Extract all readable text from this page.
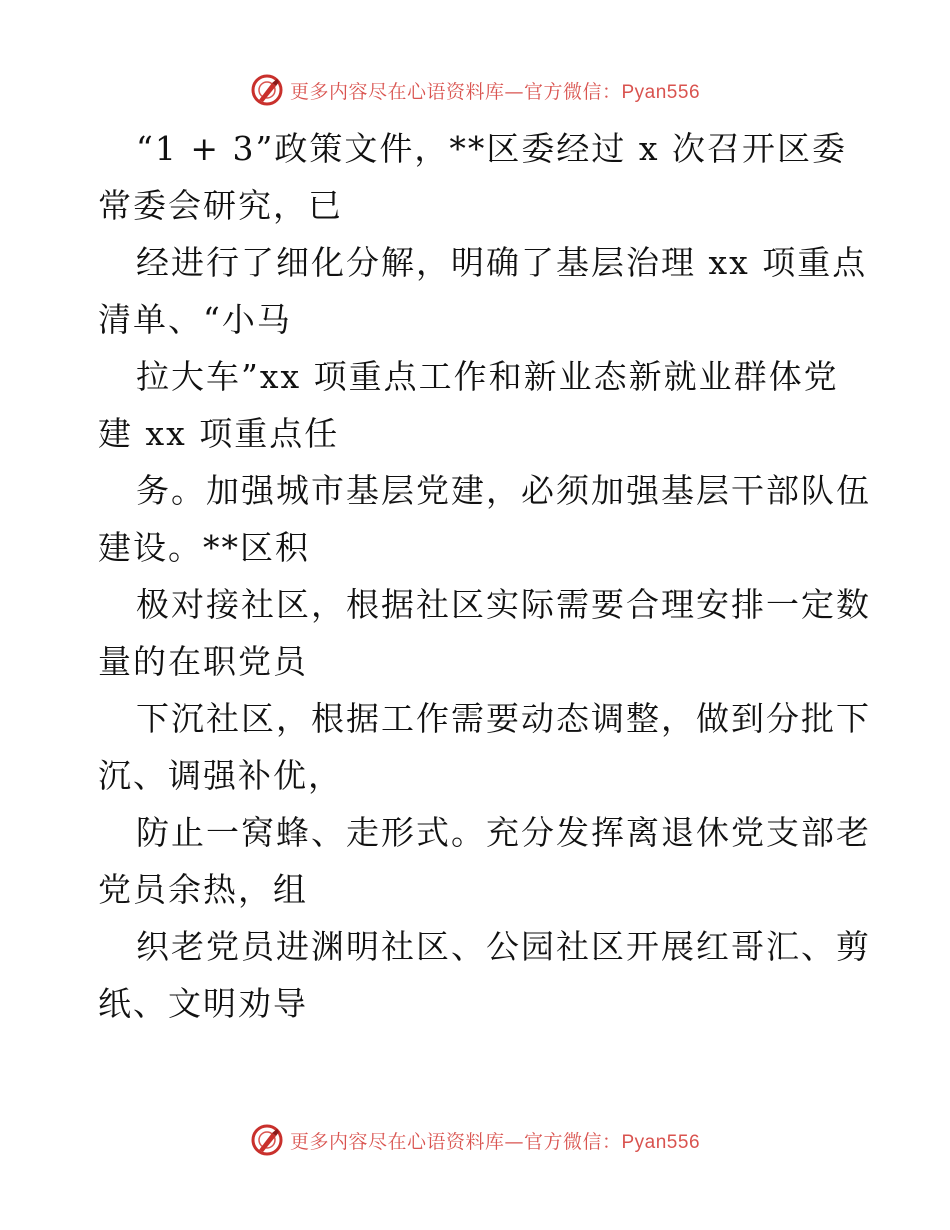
更多内容尽在心语资料库—官方微信：Pyan556

“1 + 3”政策文件，**区委经过 x 次召开区委
常委会研究，已

经进行了细化分解，明确了基层治理 xx 项重点
清单、“小马

拉大车”xx 项重点工作和新业态新就业群体党
建 xx 项重点任

务。加强城市基层党建，必须加强基层干部队伍
建设。**区积

极对接社区，根据社区实际需要合理安排一定数
量的在职党员

下沉社区，根据工作需要动态调整，做到分批下
沉、调强补优，

防止一窝蜂、走形式。充分发挥离退休党支部老
党员余热，组

织老党员进渊明社区、公园社区开展红哥汇、剪
纸、文明劝导

更多内容尽在心语资料库—官方微信：Pyan556
